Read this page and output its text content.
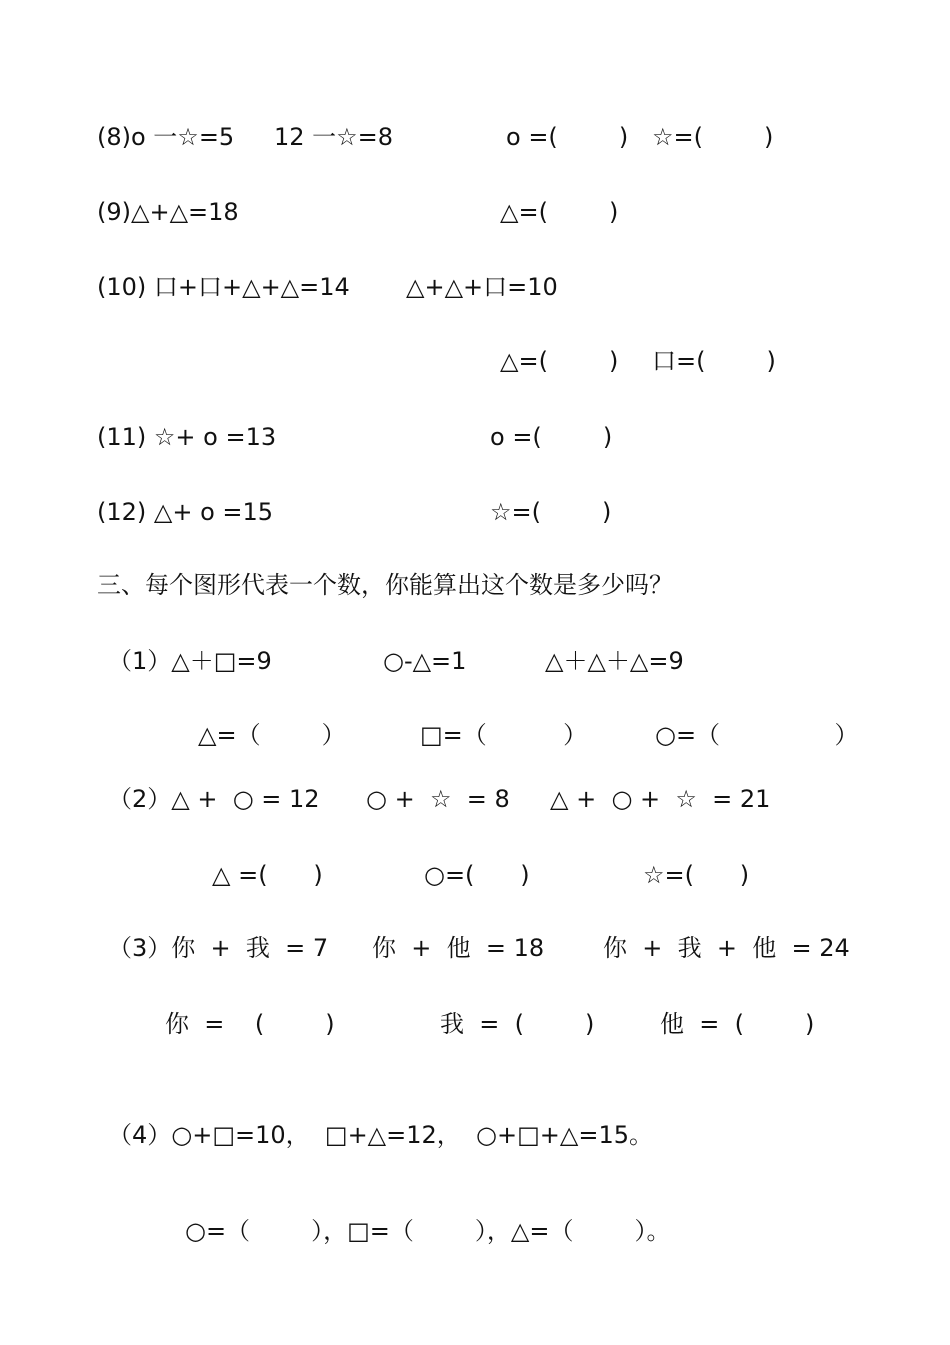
(8)o 一☆=5 12 一☆=8	o =(        ) ☆=(        )
(9)△+△=18	△=(        )
(10) 口+口+△+△=14 △+△+口=10
△=(        ) 口=(        )
(11) ☆+ o =13	o =(        )
(12) △+ o =15	☆=(        )
三、每个图形代表一个数，你能算出这个数是多少吗？
（1）△＋□=9	○-△=1	△＋△＋△=9
△=（        ）	□=（          ）	○=（               ）
（2）△ +  ○ = 12 ○ +  ☆  = 8 △ +  ○ +  ☆  = 21
△ =(      )	○=(      )	☆=(      )
（3）你  +  我  = 7 你  +  他  = 18 你  +  我  +  他  = 24
你  =    (        )	我  =  (        )	他  =  (        )
（4）○+□=10，  □+△=12，  ○+□+△=15。
○=（        ），□=（        ），△=（        ）。
